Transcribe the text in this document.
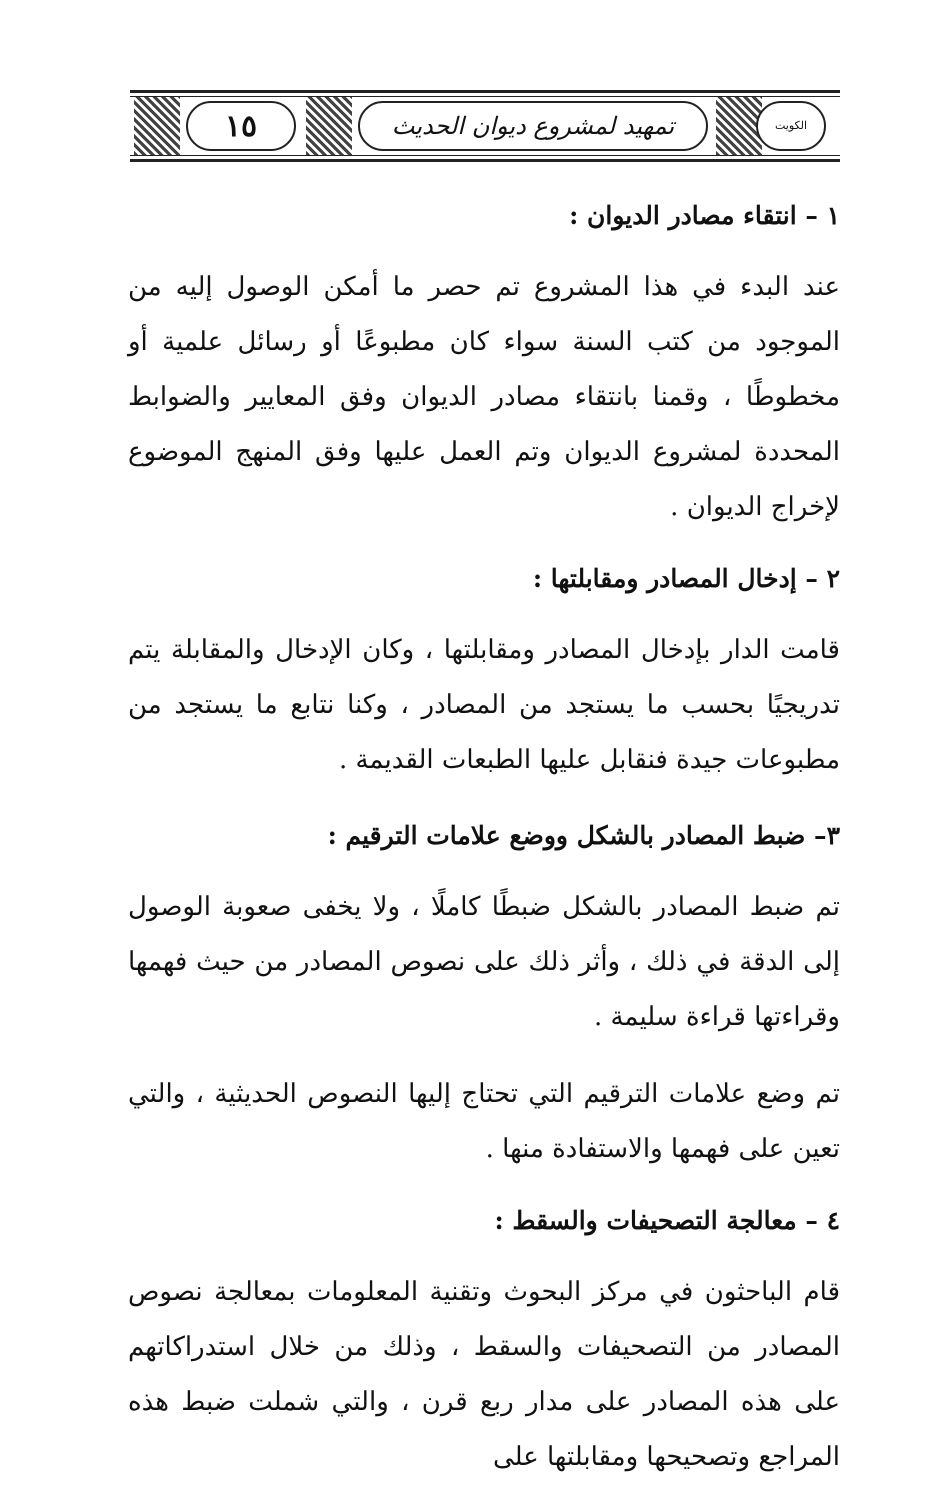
١٥	تمهيد لمشروع ديوان الحديث	الكويت
١ – انتقاء مصادر الديوان :

عند البدء في هذا المشروع تم حصر ما أمكن الوصول إليه من الموجود من كتب السنة سواء كان مطبوعًا أو رسائل علمية أو مخطوطًا ، وقمنا بانتقاء مصادر الديوان وفق المعايير والضوابط المحددة لمشروع الديوان وتم العمل عليها وفق المنهج الموضوع لإخراج الديوان .

٢ – إدخال المصادر ومقابلتها :

قامت الدار بإدخال المصادر ومقابلتها ، وكان الإدخال والمقابلة يتم تدريجيًا بحسب ما يستجد من المصادر ، وكنا نتابع ما يستجد من مطبوعات جيدة فنقابل عليها الطبعات القديمة .

٣– ضبط المصادر بالشكل ووضع علامات الترقيم :

تم ضبط المصادر بالشكل ضبطًا كاملًا ، ولا يخفى صعوبة الوصول إلى الدقة في ذلك ، وأثر ذلك على نصوص المصادر من حيث فهمها وقراءتها قراءة سليمة .

تم وضع علامات الترقيم التي تحتاج إليها النصوص الحديثية ، والتي تعين على فهمها والاستفادة منها .

٤ – معالجة التصحيفات والسقط :

قام الباحثون في مركز البحوث وتقنية المعلومات بمعالجة نصوص المصادر من التصحيفات والسقط ، وذلك من خلال استدراكاتهم على هذه المصادر على مدار ربع قرن ، والتي شملت ضبط هذه المراجع وتصحيحها ومقابلتها على
